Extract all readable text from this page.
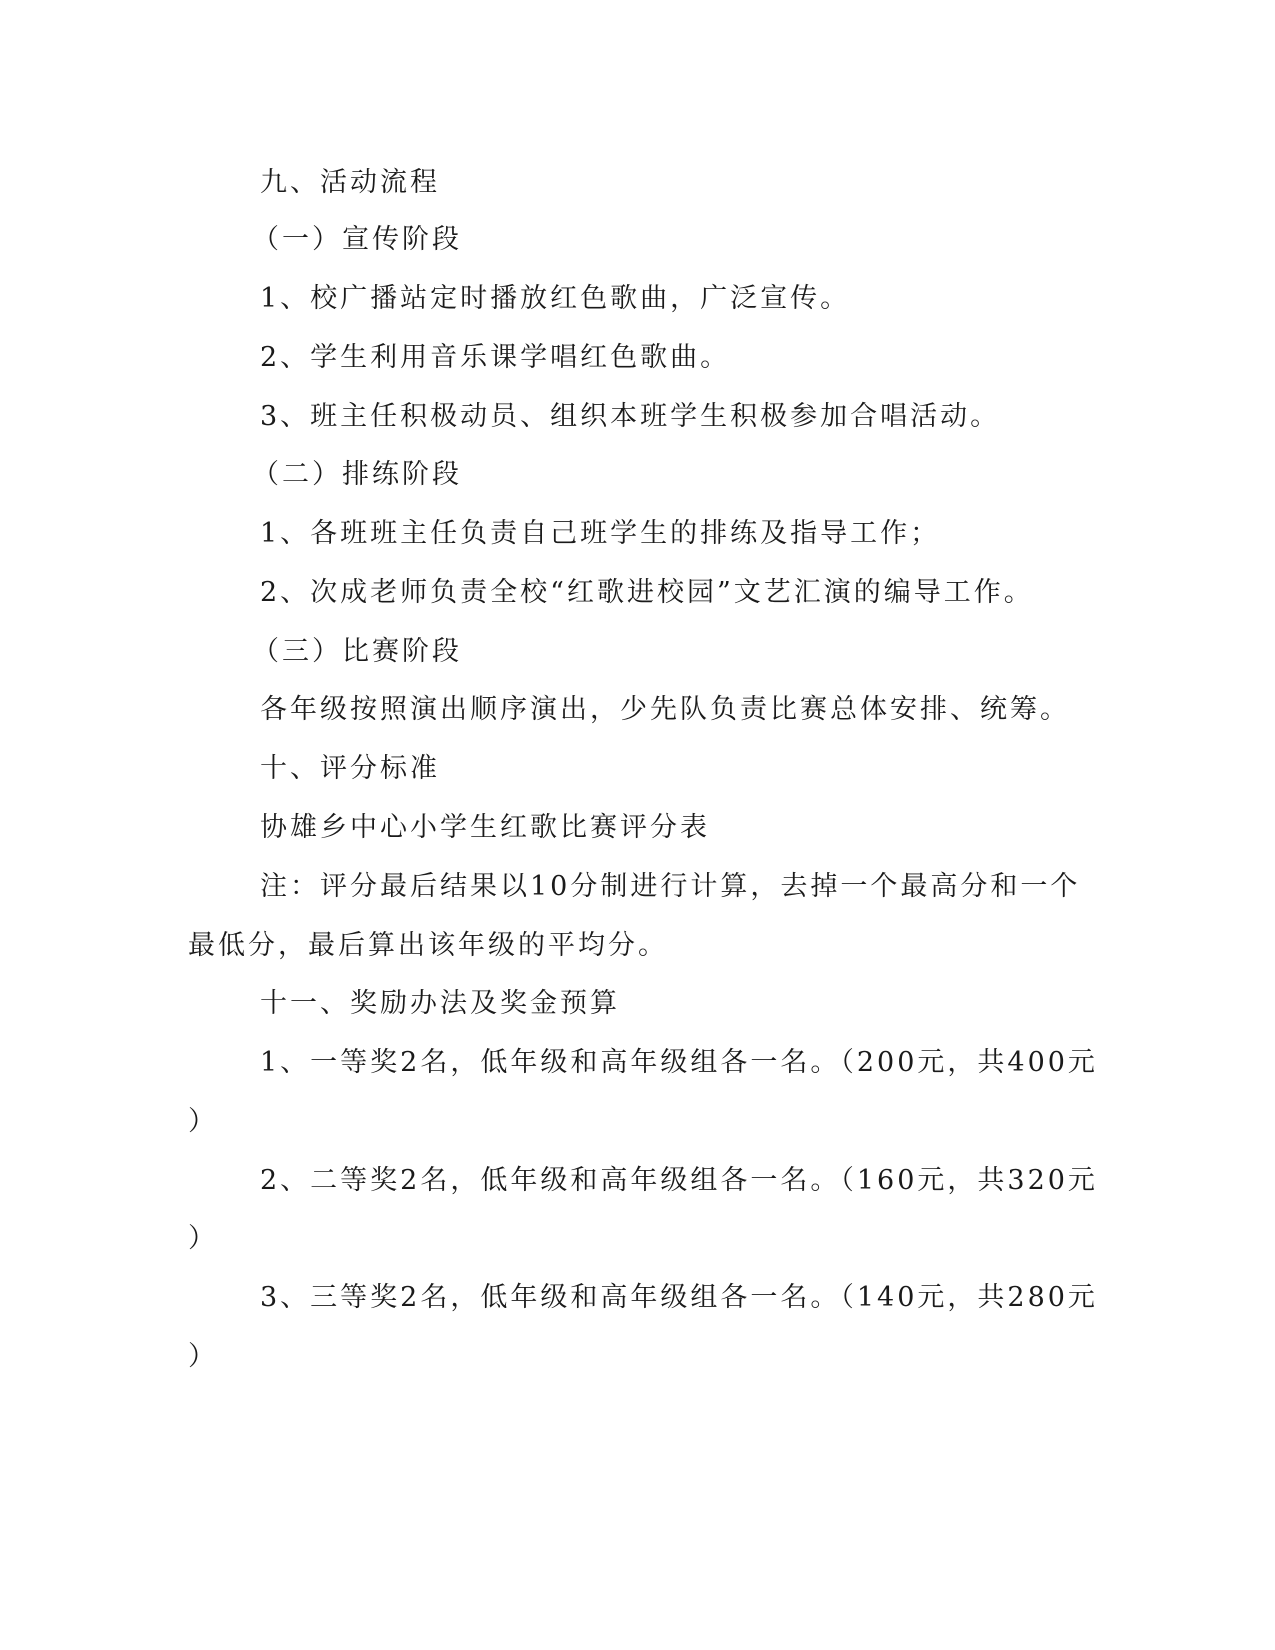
九、活动流程
（一）宣传阶段
1、校广播站定时播放红色歌曲，广泛宣传。
2、学生利用音乐课学唱红色歌曲。
3、班主任积极动员、组织本班学生积极参加合唱活动。
（二）排练阶段
1、各班班主任负责自己班学生的排练及指导工作；
2、次成老师负责全校“红歌进校园”文艺汇演的编导工作。
（三）比赛阶段
各年级按照演出顺序演出，少先队负责比赛总体安排、统筹。
十、评分标准
协雄乡中心小学生红歌比赛评分表
注：评分最后结果以10分制进行计算，去掉一个最高分和一个
最低分，最后算出该年级的平均分。
十一、奖励办法及奖金预算
1、一等奖2名，低年级和高年级组各一名。（200元，共400元
）
2、二等奖2名，低年级和高年级组各一名。（160元，共320元
）
3、三等奖2名，低年级和高年级组各一名。（140元，共280元
）
